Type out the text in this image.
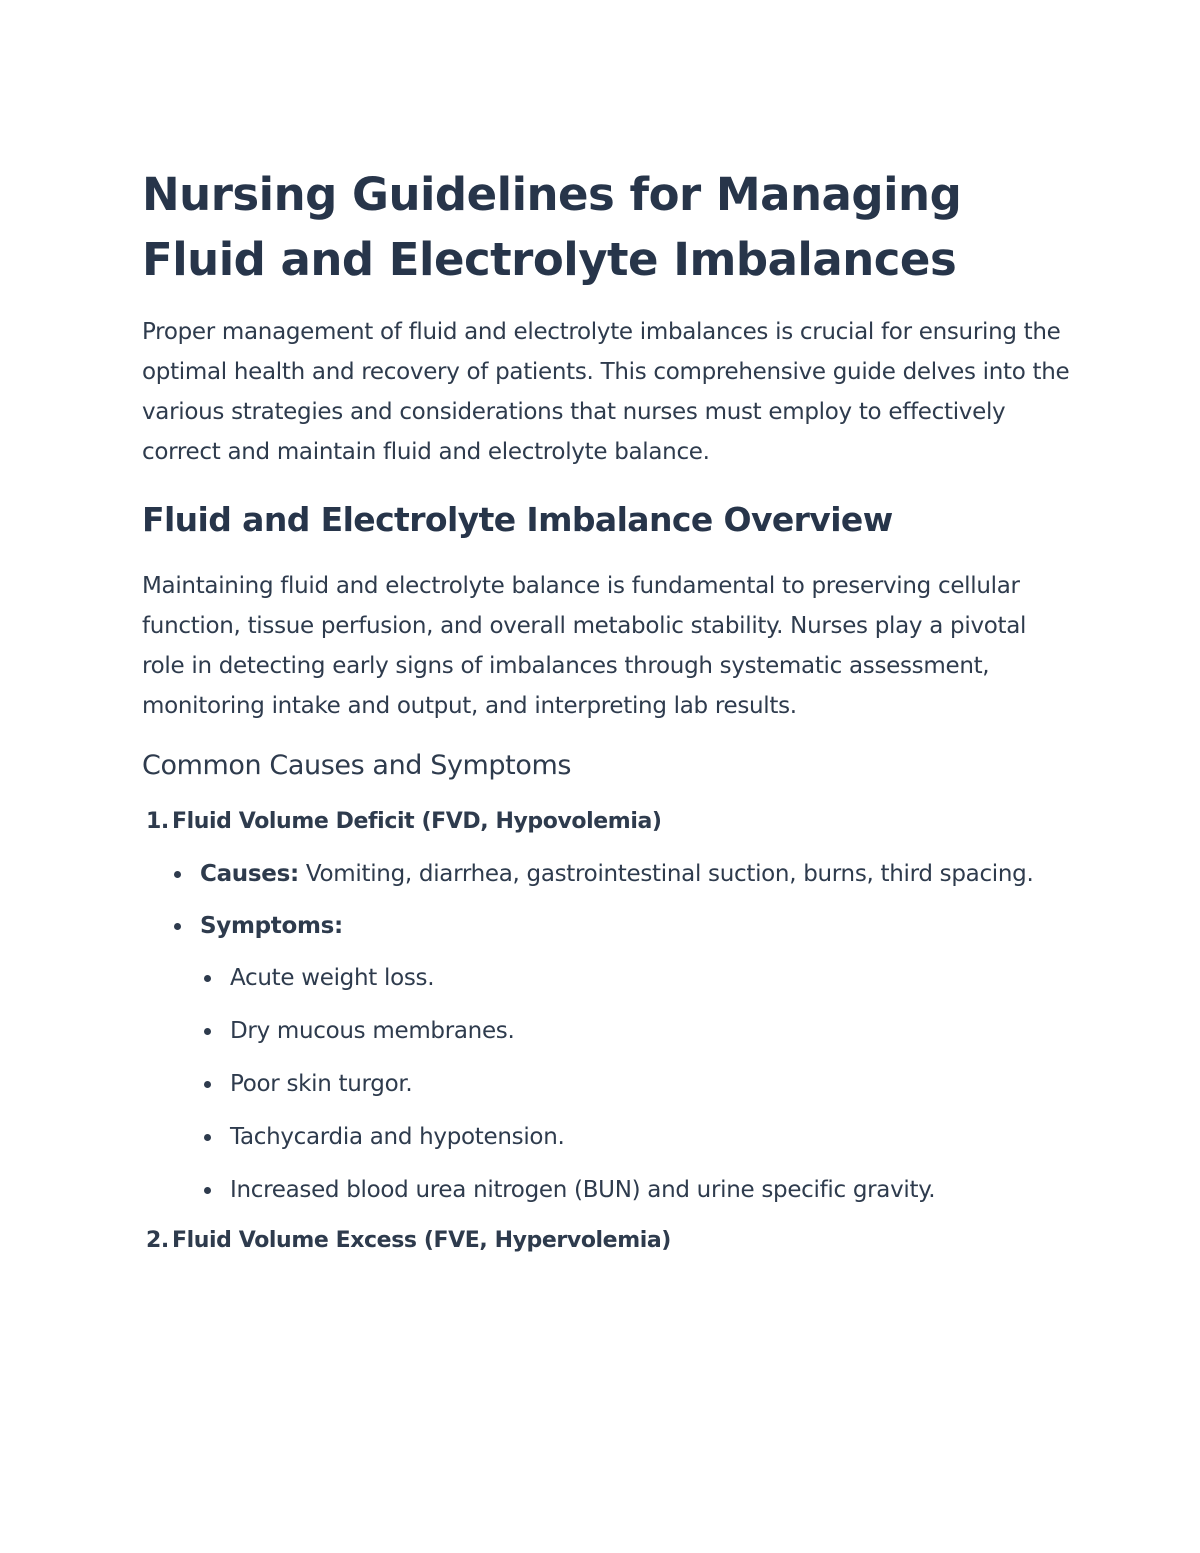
Nursing Guidelines for Managing Fluid and Electrolyte Imbalances

Proper management of fluid and electrolyte imbalances is crucial for ensuring the optimal health and recovery of patients. This comprehensive guide delves into the various strategies and considerations that nurses must employ to effectively correct and maintain fluid and electrolyte balance.

Fluid and Electrolyte Imbalance Overview

Maintaining fluid and electrolyte balance is fundamental to preserving cellular function, tissue perfusion, and overall metabolic stability. Nurses play a pivotal role in detecting early signs of imbalances through systematic assessment, monitoring intake and output, and interpreting lab results.

Common Causes and Symptoms
1. Fluid Volume Deficit (FVD, Hypovolemia)
Causes: Vomiting, diarrhea, gastrointestinal suction, burns, third spacing.
Symptoms:
Acute weight loss.
Dry mucous membranes.
Poor skin turgor.
Tachycardia and hypotension.
Increased blood urea nitrogen (BUN) and urine specific gravity.
2. Fluid Volume Excess (FVE, Hypervolemia)
